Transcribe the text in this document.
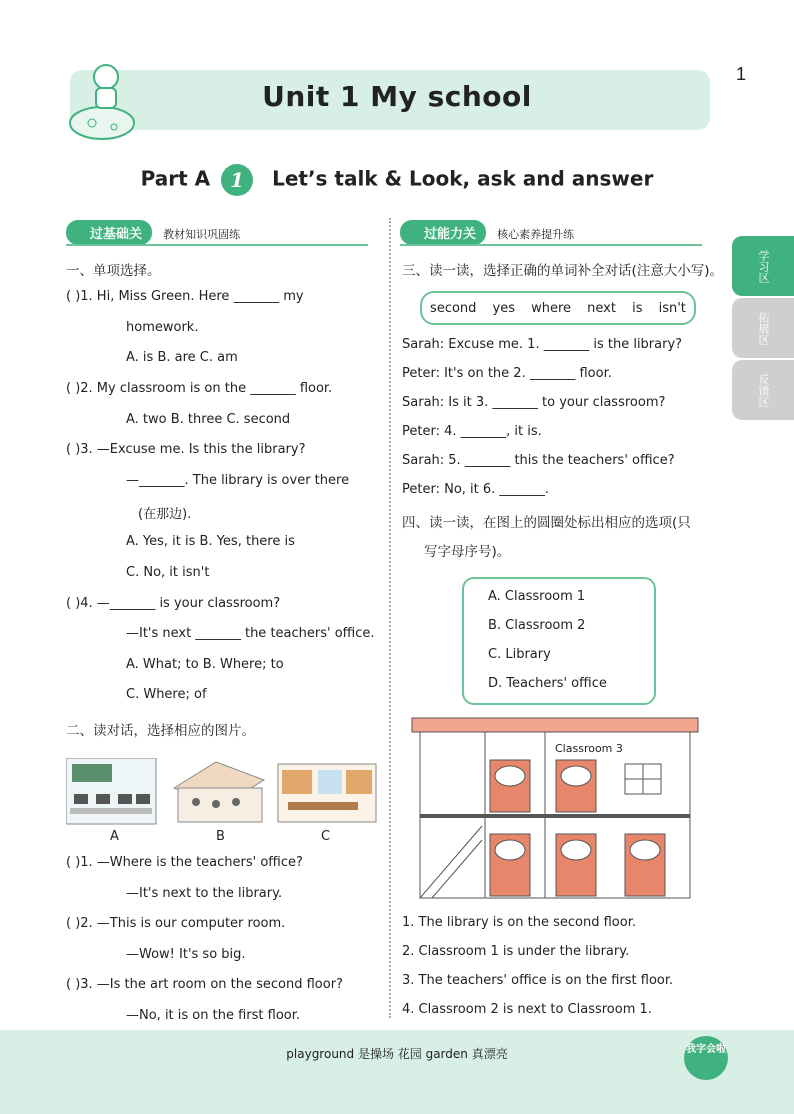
Unit 1 My school
1
Part A 1 Let’s talk & Look, ask and answer
过基础关 教材知识巩固练	过能力关 核心素养提升练
学习区
拓展区
反馈区
一、单项选择。
( )1. Hi, Miss Green. Here _______ my
homework.
A. is B. are C. am
( )2. My classroom is on the _______ floor.
A. two B. three C. second
( )3. —Excuse me. Is this the library?
—_______. The library is over there
(在那边).
A. Yes, it is B. Yes, there is
C. No, it isn't
( )4. —_______ is your classroom?
—It's next _______ the teachers' office.
A. What; to B. Where; to
C. Where; of
二、读对话，选择相应的图片。
A	B	C
( )1. —Where is the teachers' office?
—It's next to the library.
( )2. —This is our computer room.
—Wow! It's so big.
( )3. —Is the art room on the second floor?
—No, it is on the first floor.
三、读一读，选择正确的单词补全对话(注意大小写)。
second yes where next is isn't
Sarah: Excuse me. 1. _______ is the library?
Peter: It's on the 2. _______ floor.
Sarah: Is it 3. _______ to your classroom?
Peter: 4. _______, it is.
Sarah: 5. _______ this the teachers' office?
Peter: No, it 6. _______.
四、读一读，在图上的圆圈处标出相应的选项(只
写字母序号)。
A. Classroom 1
B. Classroom 2
C. Library
D. Teachers' office
Classroom 3
1. The library is on the second floor.
2. Classroom 1 is under the library.
3. The teachers' office is on the first floor.
4. Classroom 2 is next to Classroom 1.
playground 是操场 花园 garden 真漂亮	我字会啦
